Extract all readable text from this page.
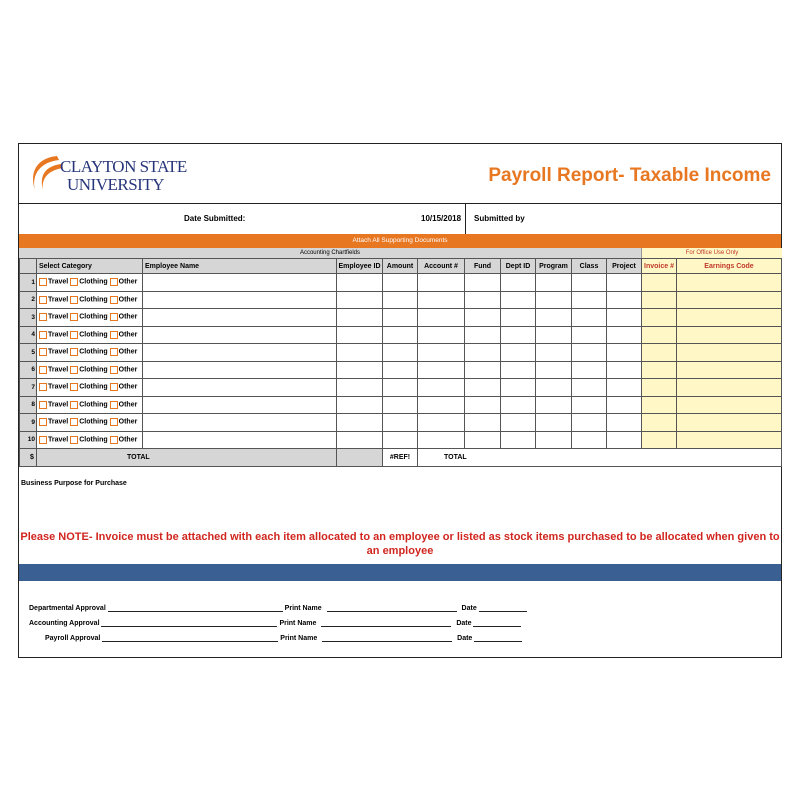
CLAYTON STATE
UNIVERSITY	Payroll Report- Taxable Income
Date Submitted:	10/15/2018 Submitted by
Attach All Supporting Documents
Accounting Chartfields	For Office Use Only
	Select Category	Employee Name	Employee ID	Amount	Account #	Fund	Dept ID	Program	Class	Project	Invoice #	Earnings Code
1	Travel Clothing Other											
2	Travel Clothing Other											
3	Travel Clothing Other											
4	Travel Clothing Other											
5	Travel Clothing Other											
6	Travel Clothing Other											
7	Travel Clothing Other											
8	Travel Clothing Other											
9	Travel Clothing Other											
10	Travel Clothing Other											
$	TOTAL			#REF!	TOTAL							
Business Purpose for Purchase
Please NOTE- Invoice must be attached with each item allocated to an employee or listed as stock items purchased to be allocated when given to an employee
Departmental Approval	Print Name	Date
Accounting Approval	Print Name	Date
Payroll Approval	Print Name	Date
